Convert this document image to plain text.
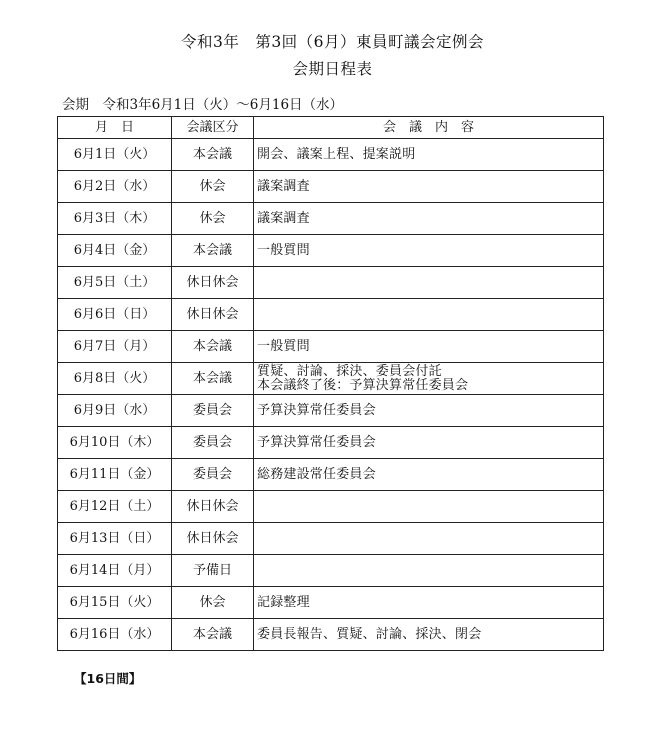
令和3年　第3回（6月）東員町議会定例会
会期日程表
会期　令和3年6月1日（火）～6月16日（水）
月　日	会議区分	会　議　内　容
6月1日（火）	本会議	開会、議案上程、提案説明
6月2日（水）	休会	議案調査
6月3日（木）	休会	議案調査
6月4日（金）	本会議	一般質問
6月5日（土）	休日休会	
6月6日（日）	休日休会	
6月7日（月）	本会議	一般質問
6月8日（火）	本会議	質疑、討論、採決、委員会付託
本会議終了後：予算決算常任委員会
6月9日（水）	委員会	予算決算常任委員会
6月10日（木）	委員会	予算決算常任委員会
6月11日（金）	委員会	総務建設常任委員会
6月12日（土）	休日休会	
6月13日（日）	休日休会	
6月14日（月）	予備日	
6月15日（火）	休会	記録整理
6月16日（水）	本会議	委員長報告、質疑、討論、採決、閉会
【16日間】
